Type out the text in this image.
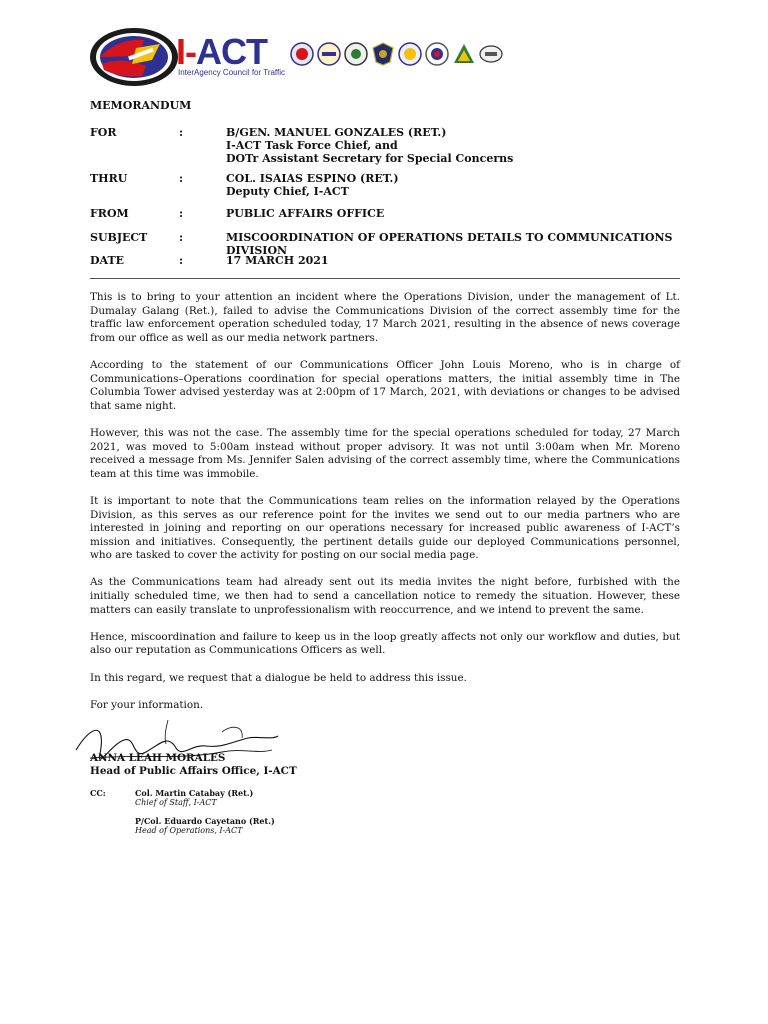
I-ACT
InterAgency Council for Traffic
MEMORANDUM
FOR	:	B/GEN. MANUEL GONZALES (RET.)
I-ACT Task Force Chief, and
DOTr Assistant Secretary for Special Concerns
THRU	:	COL. ISAIAS ESPINO (RET.)
Deputy Chief, I-ACT
FROM	:	PUBLIC AFFAIRS OFFICE
SUBJECT	:	MISCOORDINATION OF OPERATIONS DETAILS TO COMMUNICATIONS DIVISION
DATE	:	17 MARCH 2021

This is to bring to your attention an incident where the Operations Division, under the management of Lt. Dumalay Galang (Ret.), failed to advise the Communications Division of the correct assembly time for the traffic law enforcement operation scheduled today, 17 March 2021, resulting in the absence of news coverage from our office as well as our media network partners.

According to the statement of our Communications Officer John Louis Moreno, who is in charge of Communications–Operations coordination for special operations matters, the initial assembly time in The Columbia Tower advised yesterday was at 2:00pm of 17 March, 2021, with deviations or changes to be advised that same night.

However, this was not the case. The assembly time for the special operations scheduled for today, 27 March 2021, was moved to 5:00am instead without proper advisory. It was not until 3:00am when Mr. Moreno received a message from Ms. Jennifer Salen advising of the correct assembly time, where the Communications team at this time was immobile.

It is important to note that the Communications team relies on the information relayed by the Operations Division, as this serves as our reference point for the invites we send out to our media partners who are interested in joining and reporting on our operations necessary for increased public awareness of I-ACT’s mission and initiatives. Consequently, the pertinent details guide our deployed Communications personnel, who are tasked to cover the activity for posting on our social media page.

As the Communications team had already sent out its media invites the night before, furbished with the initially scheduled time, we then had to send a cancellation notice to remedy the situation. However, these matters can easily translate to unprofessionalism with reoccurrence, and we intend to prevent the same.

Hence, miscoordination and failure to keep us in the loop greatly affects not only our workflow and duties, but also our reputation as Communications Officers as well.

In this regard, we request that a dialogue be held to address this issue.

For your information.

ANNA LEAH MORALES
Head of Public Affairs Office, I-ACT
CC:	Col. Martin Catabay (Ret.)
Chief of Staff, I-ACT
P/Col. Eduardo Cayetano (Ret.)
Head of Operations, I-ACT
